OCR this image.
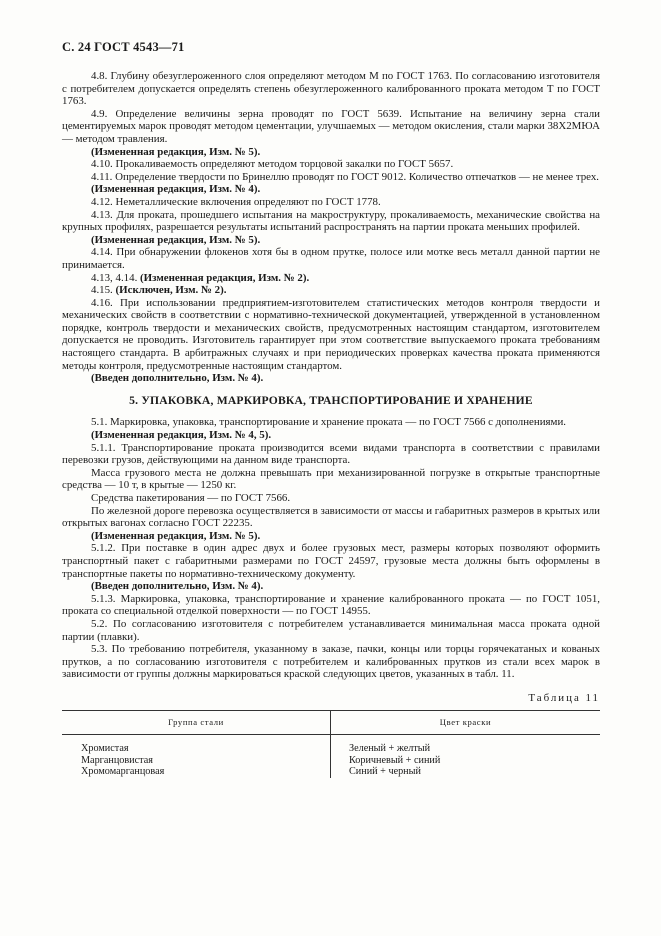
С. 24 ГОСТ 4543—71

4.8. Глубину обезуглероженного слоя определяют методом М по ГОСТ 1763. По согласованию изготовителя с потребителем допускается определять степень обезуглероженного калиброванного проката методом Т по ГОСТ 1763.

4.9. Определение величины зерна проводят по ГОСТ 5639. Испытание на величину зерна стали цементируемых марок проводят методом цементации, улучшаемых — методом окисления, стали марки 38Х2МЮА — методом травления.

(Измененная редакция, Изм. № 5).

4.10. Прокаливаемость определяют методом торцовой закалки по ГОСТ 5657.

4.11. Определение твердости по Бринеллю проводят по ГОСТ 9012. Количество отпечатков — не менее трех.

(Измененная редакция, Изм. № 4).

4.12. Неметаллические включения определяют по ГОСТ 1778.

4.13. Для проката, прошедшего испытания на макроструктуру, прокаливаемость, механические свойства на крупных профилях, разрешается результаты испытаний распространять на партии проката меньших профилей.

(Измененная редакция, Изм. № 5).

4.14. При обнаружении флокенов хотя бы в одном прутке, полосе или мотке весь металл данной партии не принимается.

4.13, 4.14. (Измененная редакция, Изм. № 2).

4.15. (Исключен, Изм. № 2).

4.16. При использовании предприятием-изготовителем статистических методов контроля твердости и механических свойств в соответствии с нормативно-технической документацией, утвержденной в установленном порядке, контроль твердости и механических свойств, предусмотренных настоящим стандартом, изготовителем допускается не проводить. Изготовитель гарантирует при этом соответствие выпускаемого проката требованиям настоящего стандарта. В арбитражных случаях и при периодических проверках качества проката применяются методы контроля, предусмотренные настоящим стандартом.

(Введен дополнительно, Изм. № 4).

5. УПАКОВКА, МАРКИРОВКА, ТРАНСПОРТИРОВАНИЕ И ХРАНЕНИЕ

5.1. Маркировка, упаковка, транспортирование и хранение проката — по ГОСТ 7566 с дополнениями.

(Измененная редакция, Изм. № 4, 5).

5.1.1. Транспортирование проката производится всеми видами транспорта в соответствии с правилами перевозки грузов, действующими на данном виде транспорта.

Масса грузового места не должна превышать при механизированной погрузке в открытые транспортные средства — 10 т, в крытые — 1250 кг.

Средства пакетирования — по ГОСТ 7566.

По железной дороге перевозка осуществляется в зависимости от массы и габаритных размеров в крытых или открытых вагонах согласно ГОСТ 22235.

(Измененная редакция, Изм. № 5).

5.1.2. При поставке в один адрес двух и более грузовых мест, размеры которых позволяют оформить транспортный пакет с габаритными размерами по ГОСТ 24597, грузовые места должны быть оформлены в транспортные пакеты по нормативно-техническому документу.

(Введен дополнительно, Изм. № 4).

5.1.3. Маркировка, упаковка, транспортирование и хранение калиброванного проката — по ГОСТ 1051, проката со специальной отделкой поверхности — по ГОСТ 14955.

5.2. По согласованию изготовителя с потребителем устанавливается минимальная масса проката одной партии (плавки).

5.3. По требованию потребителя, указанному в заказе, пачки, концы или торцы горячекатаных и кованых прутков, а по согласованию изготовителя с потребителем и калиброванных прутков из стали всех марок в зависимости от группы должны маркироваться краской следующих цветов, указанных в табл. 11.

Таблица 11
Группа стали	Цвет краски
Хромистая	Зеленый + желтый
Марганцовистая	Коричневый + синий
Хромомарганцовая	Синий + черный
